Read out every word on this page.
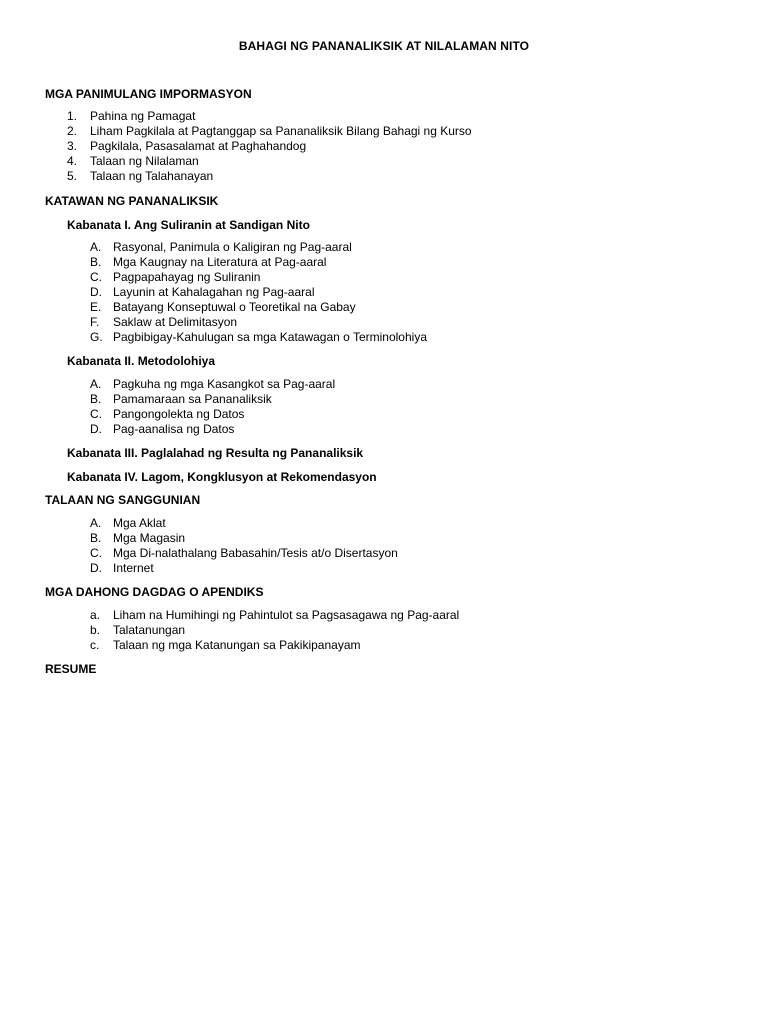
BAHAGI NG PANANALIKSIK AT NILALAMAN NITO
MGA PANIMULANG IMPORMASYON
1. Pahina ng Pamagat
2. Liham Pagkilala at Pagtanggap sa Pananaliksik Bilang Bahagi ng Kurso
3. Pagkilala, Pasasalamat at Paghahandog
4. Talaan ng Nilalaman
5. Talaan ng Talahanayan
KATAWAN NG PANANALIKSIK
Kabanata I. Ang Suliranin at Sandigan Nito
A. Rasyonal, Panimula o Kaligiran ng Pag-aaral
B. Mga Kaugnay na Literatura at Pag-aaral
C. Pagpapahayag ng Suliranin
D. Layunin at Kahalagahan ng Pag-aaral
E. Batayang Konseptuwal o Teoretikal na Gabay
F. Saklaw at Delimitasyon
G. Pagbibigay-Kahulugan sa mga Katawagan o Terminolohiya
Kabanata II. Metodolohiya
A. Pagkuha ng mga Kasangkot sa Pag-aaral
B. Pamamaraan sa Pananaliksik
C. Pangongolekta ng Datos
D. Pag-aanalisa ng Datos
Kabanata III. Paglalahad ng Resulta ng Pananaliksik
Kabanata IV. Lagom, Kongklusyon at Rekomendasyon
TALAAN NG SANGGUNIAN
A. Mga Aklat
B. Mga Magasin
C. Mga Di-nalathalang Babasahin/Tesis at/o Disertasyon
D. Internet
MGA DAHONG DAGDAG O APENDIKS
a. Liham na Humihingi ng Pahintulot sa Pagsasagawa ng Pag-aaral
b. Talatanungan
c. Talaan ng mga Katanungan sa Pakikipanayam
RESUME
